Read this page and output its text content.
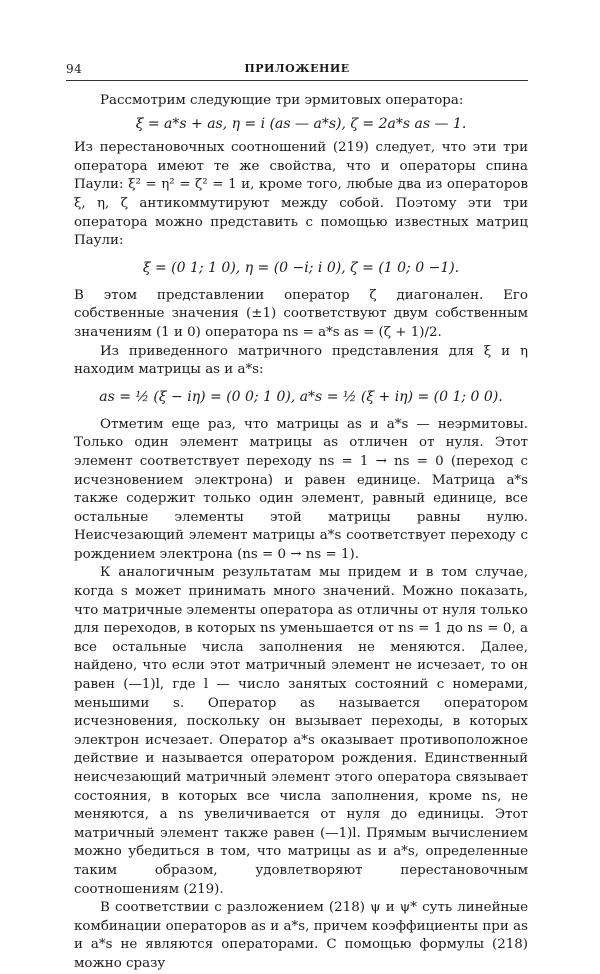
94	ПРИЛОЖЕНИЕ

Рассмотрим следующие три эрмитовых оператора:

ξ = a*s + as, η = i (as — a*s), ζ = 2a*s as — 1.

Из перестановочных соотношений (219) следует, что эти три оператора имеют те же свойства, что и операторы спина Паули: ξ² = η² = ζ² = 1 и, кроме того, любые два из операторов ξ, η, ζ антикоммутируют между собой. Поэтому эти три оператора можно представить с помощью известных матриц Паули:

ξ = (0 1; 1 0), η = (0 −i; i 0), ζ = (1 0; 0 −1).

В этом представлении оператор ζ диагонален. Его собственные значения (±1) соответствуют двум собственным значениям (1 и 0) оператора ns = a*s as = (ζ + 1)/2.

Из приведенного матричного представления для ξ и η находим матрицы as и a*s:

as = ½ (ξ − iη) = (0 0; 1 0), a*s = ½ (ξ + iη) = (0 1; 0 0).

Отметим еще раз, что матрицы as и a*s — неэрмитовы. Только один элемент матрицы as отличен от нуля. Этот элемент соответствует переходу ns = 1 → ns = 0 (переход с исчезновением электрона) и равен единице. Матрица a*s также содержит только один элемент, равный единице, все остальные элементы этой матрицы равны нулю. Неисчезающий элемент матрицы a*s соответствует переходу с рождением электрона (ns = 0 → ns = 1).

К аналогичным результатам мы придем и в том случае, когда s может принимать много значений. Можно показать, что матричные элементы оператора as отличны от нуля только для переходов, в которых ns уменьшается от ns = 1 до ns = 0, а все остальные числа заполнения не меняются. Далее, найдено, что если этот матричный элемент не исчезает, то он равен (—1)l, где l — число занятых состояний с номерами, меньшими s. Оператор as называется оператором исчезновения, поскольку он вызывает переходы, в которых электрон исчезает. Оператор a*s оказывает противоположное действие и называется оператором рождения. Единственный неисчезающий матричный элемент этого оператора связывает состояния, в которых все числа заполнения, кроме ns, не меняются, а ns увеличивается от нуля до единицы. Этот матричный элемент также равен (—1)l. Прямым вычислением можно убедиться в том, что матрицы as и a*s, определенные таким образом, удовлетворяют перестановочным соотношениям (219).

В соответствии с разложением (218) ψ и ψ* суть линейные комбинации операторов as и a*s, причем коэффициенты при as и a*s не являются операторами. С помощью формулы (218) можно сразу
